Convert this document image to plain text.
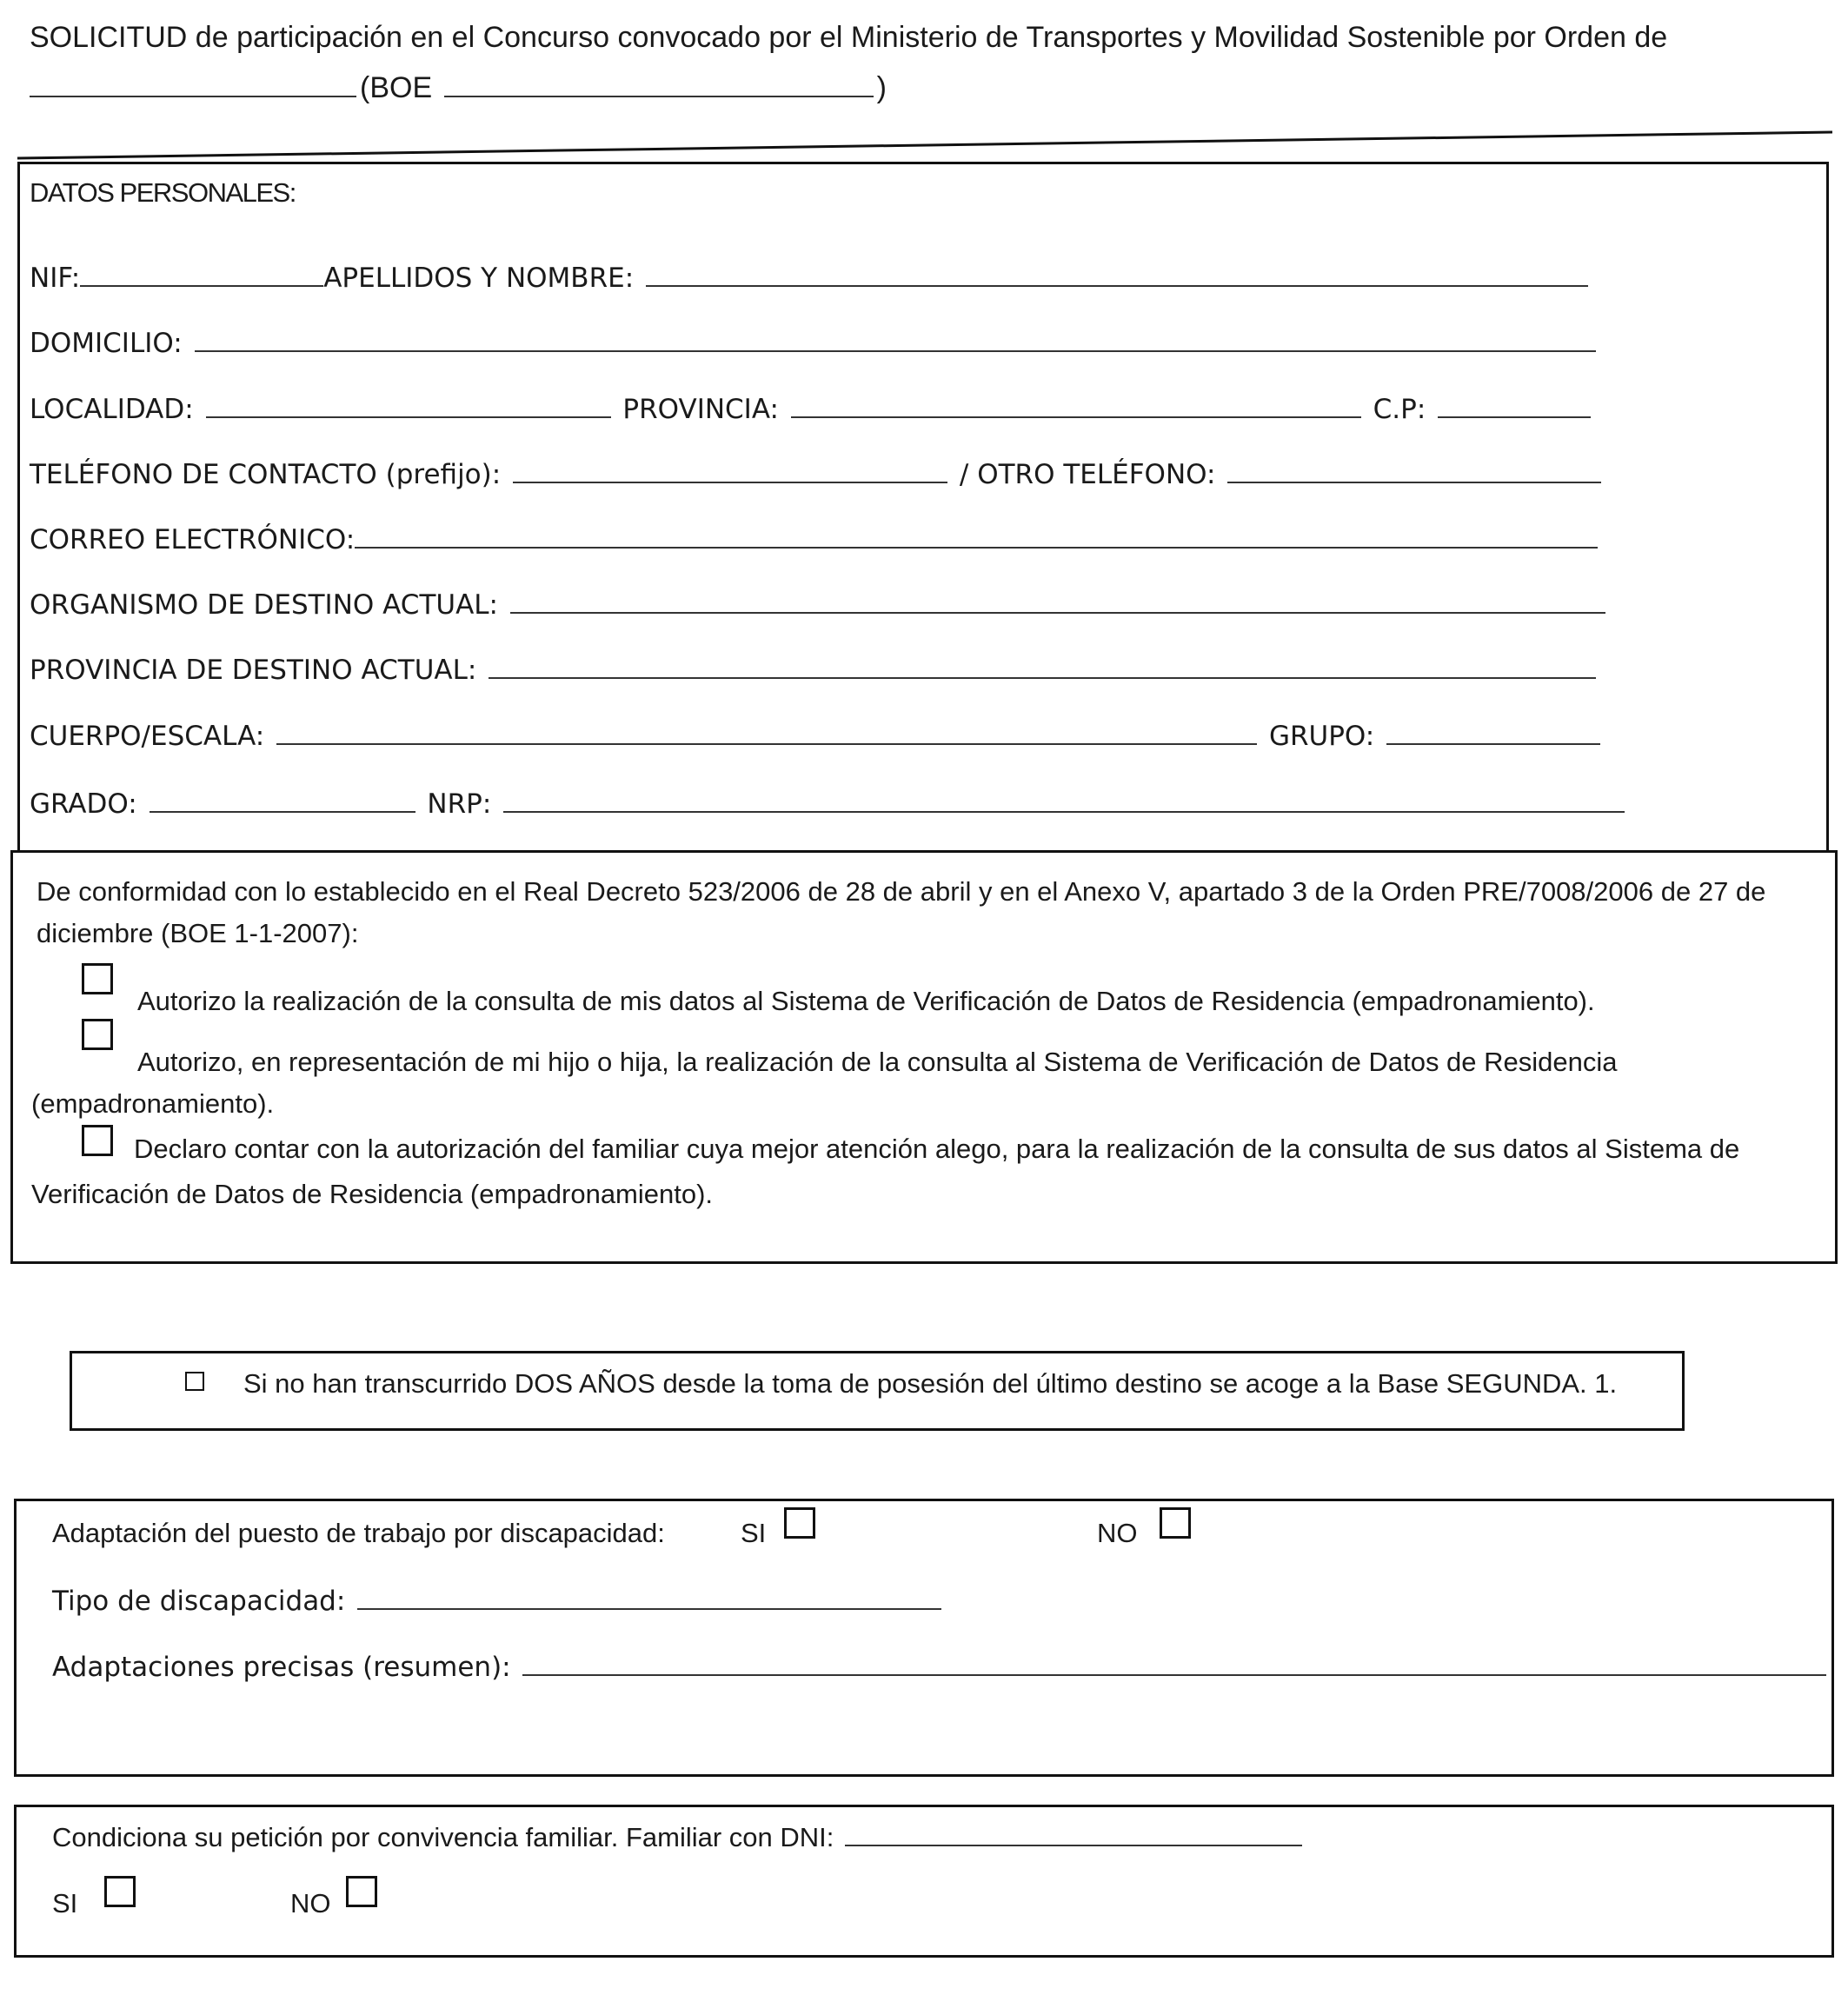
SOLICITUD de participación en el Concurso convocado por el Ministerio de Transportes y Movilidad Sostenible por Orden de
(BOE	)
DATOS PERSONALES:
NIF:	APELLIDOS Y NOMBRE:
DOMICILIO:
LOCALIDAD:	PROVINCIA:	C.P:
TELÉFONO DE CONTACTO (prefijo):	/ OTRO TELÉFONO:
CORREO ELECTRÓNICO:
ORGANISMO DE DESTINO ACTUAL:
PROVINCIA DE DESTINO ACTUAL:
CUERPO/ESCALA:	GRUPO:
GRADO:	NRP:
De conformidad con lo establecido en el Real Decreto 523/2006 de 28 de abril y en el Anexo V, apartado 3 de la Orden PRE/7008/2006 de 27 de
diciembre (BOE 1-1-2007):
Autorizo la realización de la consulta de mis datos al Sistema de Verificación de Datos de Residencia (empadronamiento).
Autorizo, en representación de mi hijo o hija, la realización de la consulta al Sistema de Verificación de Datos de Residencia
(empadronamiento).
Declaro contar con la autorización del familiar cuya mejor atención alego, para la realización de la consulta de sus datos al Sistema de
Verificación de Datos de Residencia (empadronamiento).
Si no han transcurrido DOS AÑOS desde la toma de posesión del último destino se acoge a la Base SEGUNDA. 1.
Adaptación del puesto de trabajo por discapacidad:	SI	NO
Tipo de discapacidad:
Adaptaciones precisas (resumen):
Condiciona su petición por convivencia familiar. Familiar con DNI:
SI	NO
